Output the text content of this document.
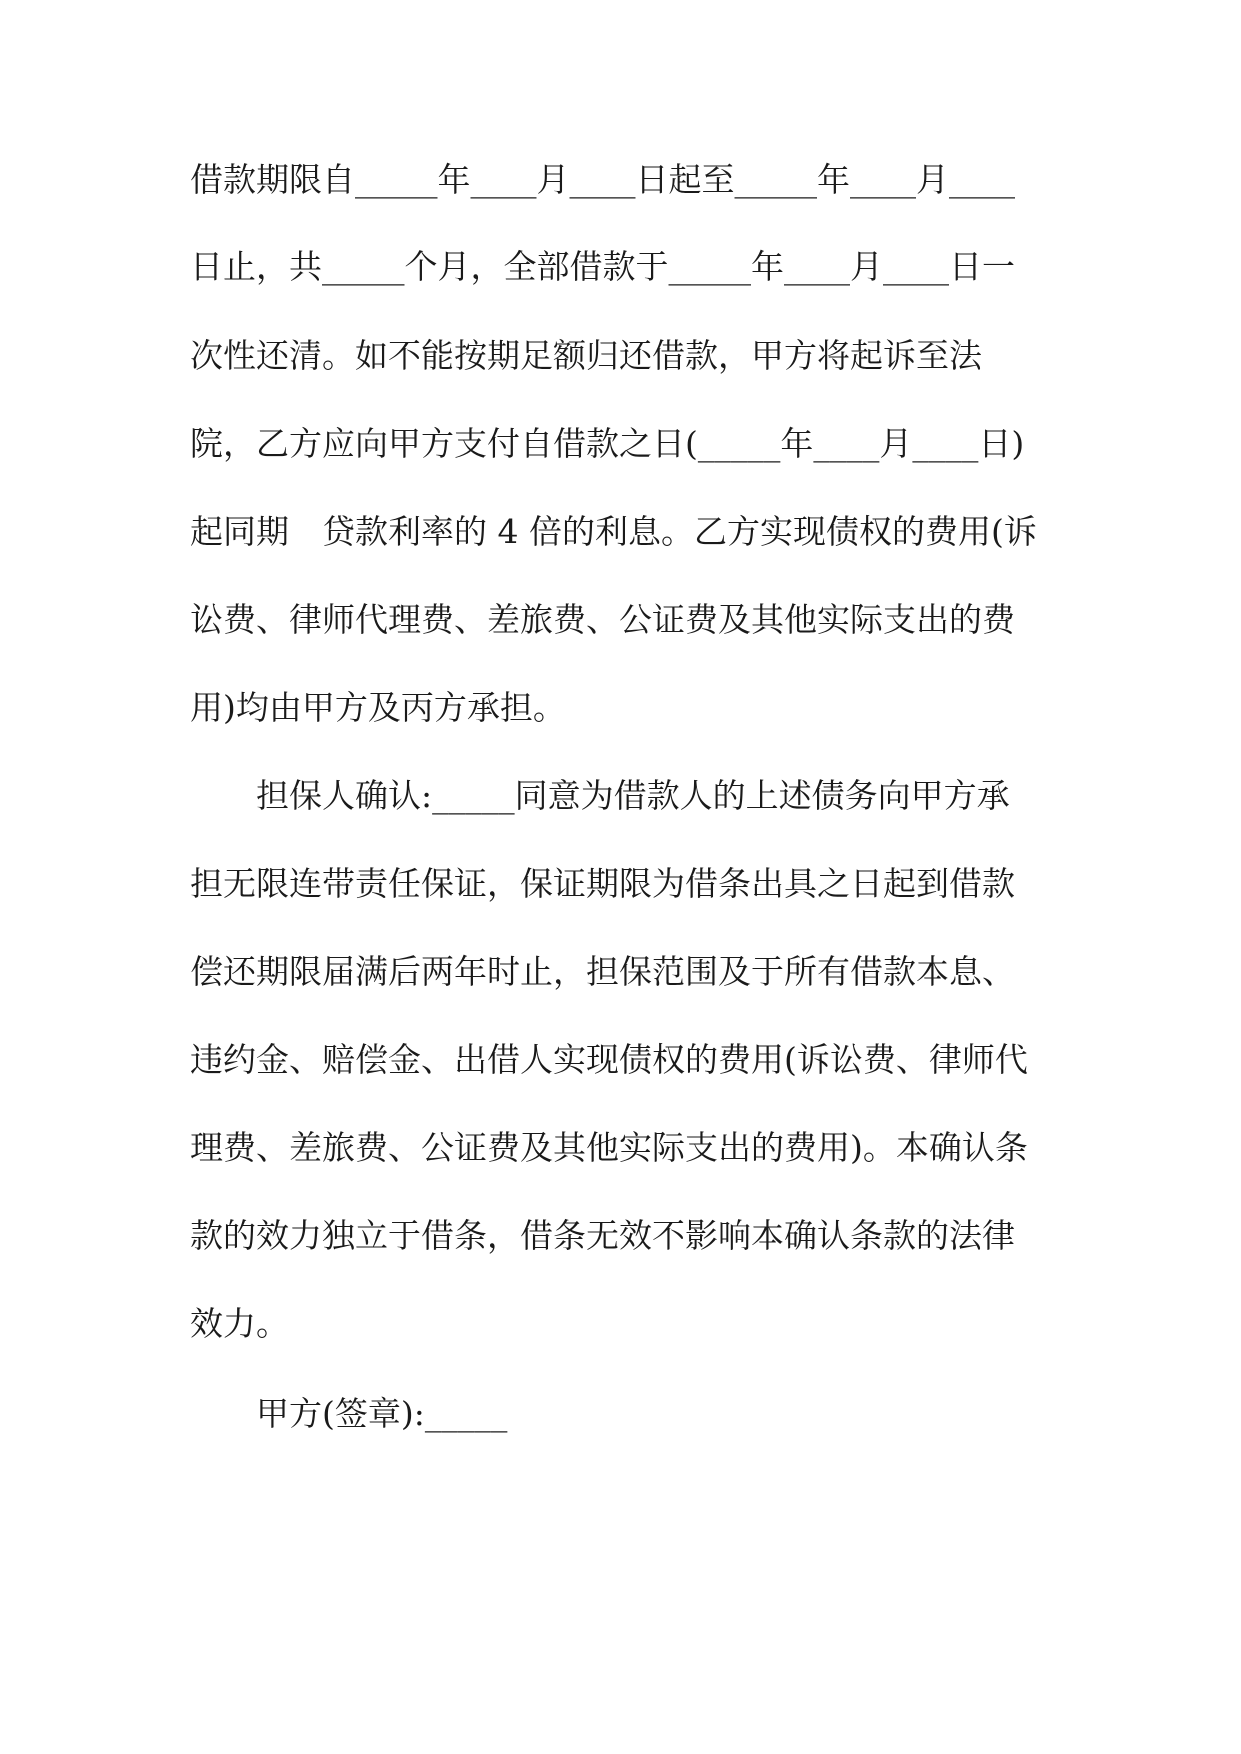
借款期限自_____年____月____日起至_____年____月____
日止，共_____个月，全部借款于_____年____月____日一
次性还清。如不能按期足额归还借款，甲方将起诉至法
院，乙方应向甲方支付自借款之日(_____年____月____日)
起同期　贷款利率的 4 倍的利息。乙方实现债权的费用(诉
讼费、律师代理费、差旅费、公证费及其他实际支出的费
用)均由甲方及丙方承担。
担保人确认:_____同意为借款人的上述债务向甲方承
担无限连带责任保证，保证期限为借条出具之日起到借款
偿还期限届满后两年时止，担保范围及于所有借款本息、
违约金、赔偿金、出借人实现债权的费用(诉讼费、律师代
理费、差旅费、公证费及其他实际支出的费用)。本确认条
款的效力独立于借条，借条无效不影响本确认条款的法律
效力。
甲方(签章):_____
